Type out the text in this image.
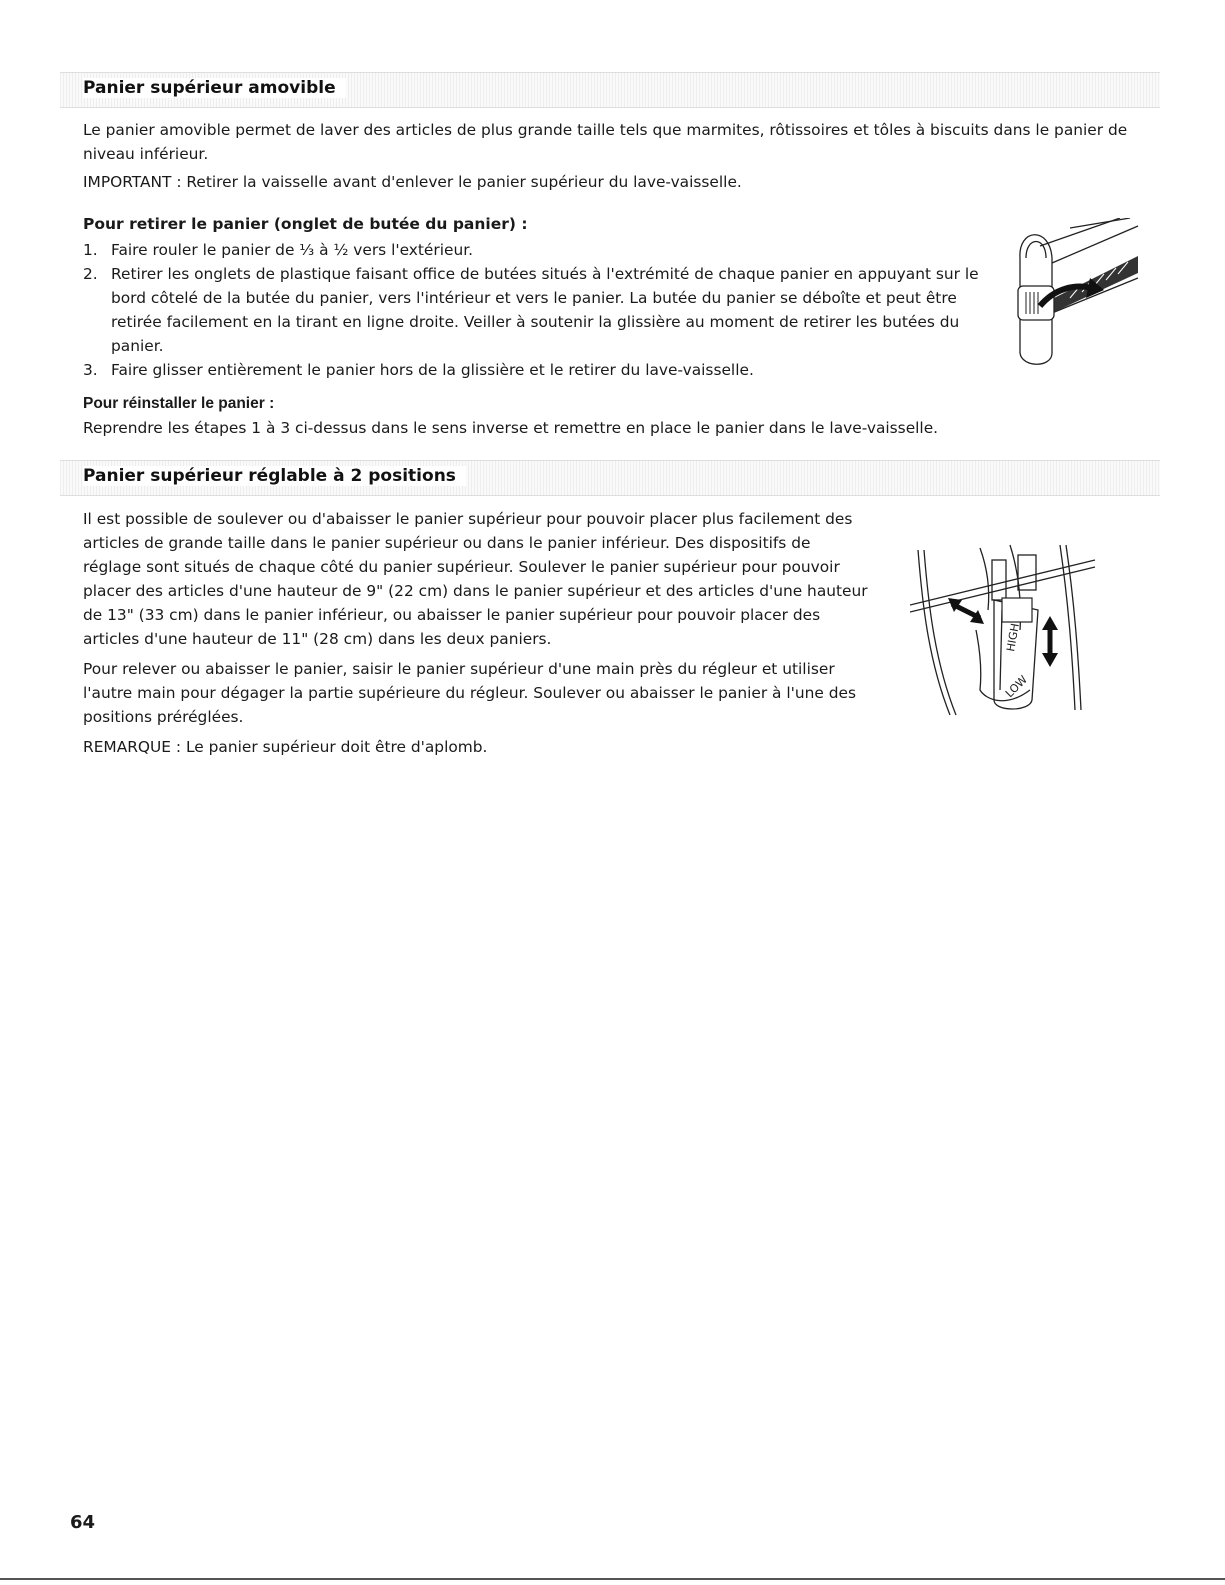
Panier supérieur amovible

Le panier amovible permet de laver des articles de plus grande taille tels que marmites, rôtissoires et tôles à biscuits dans le panier de niveau inférieur.

IMPORTANT : Retirer la vaisselle avant d'enlever le panier supérieur du lave-vaisselle.

Pour retirer le panier (onglet de butée du panier) :

1. Faire rouler le panier de ⅓ à ½ vers l'extérieur.
2. Retirer les onglets de plastique faisant office de butées situés à l'extrémité de chaque panier en appuyant sur le bord côtelé de la butée du panier, vers l'intérieur et vers le panier. La butée du panier se déboîte et peut être retirée facilement en la tirant en ligne droite. Veiller à soutenir la glissière au moment de retirer les butées du panier.
3. Faire glisser entièrement le panier hors de la glissière et le retirer du lave-vaisselle.

Pour réinstaller le panier :

Reprendre les étapes 1 à 3 ci-dessus dans le sens inverse et remettre en place le panier dans le lave-vaisselle.

Panier supérieur réglable à 2 positions

Il est possible de soulever ou d'abaisser le panier supérieur pour pouvoir placer plus facilement des articles de grande taille dans le panier supérieur ou dans le panier inférieur. Des dispositifs de réglage sont situés de chaque côté du panier supérieur. Soulever le panier supérieur pour pouvoir placer des articles d'une hauteur de 9" (22 cm) dans le panier supérieur et des articles d'une hauteur de 13" (33 cm) dans le panier inférieur, ou abaisser le panier supérieur pour pouvoir placer des articles d'une hauteur de 11" (28 cm) dans les deux paniers.

Pour relever ou abaisser le panier, saisir le panier supérieur d'une main près du régleur et utiliser l'autre main pour dégager la partie supérieure du régleur. Soulever ou abaisser le panier à l'une des positions préréglées.

REMARQUE : Le panier supérieur doit être d'aplomb.

HIGH
LOW
64
